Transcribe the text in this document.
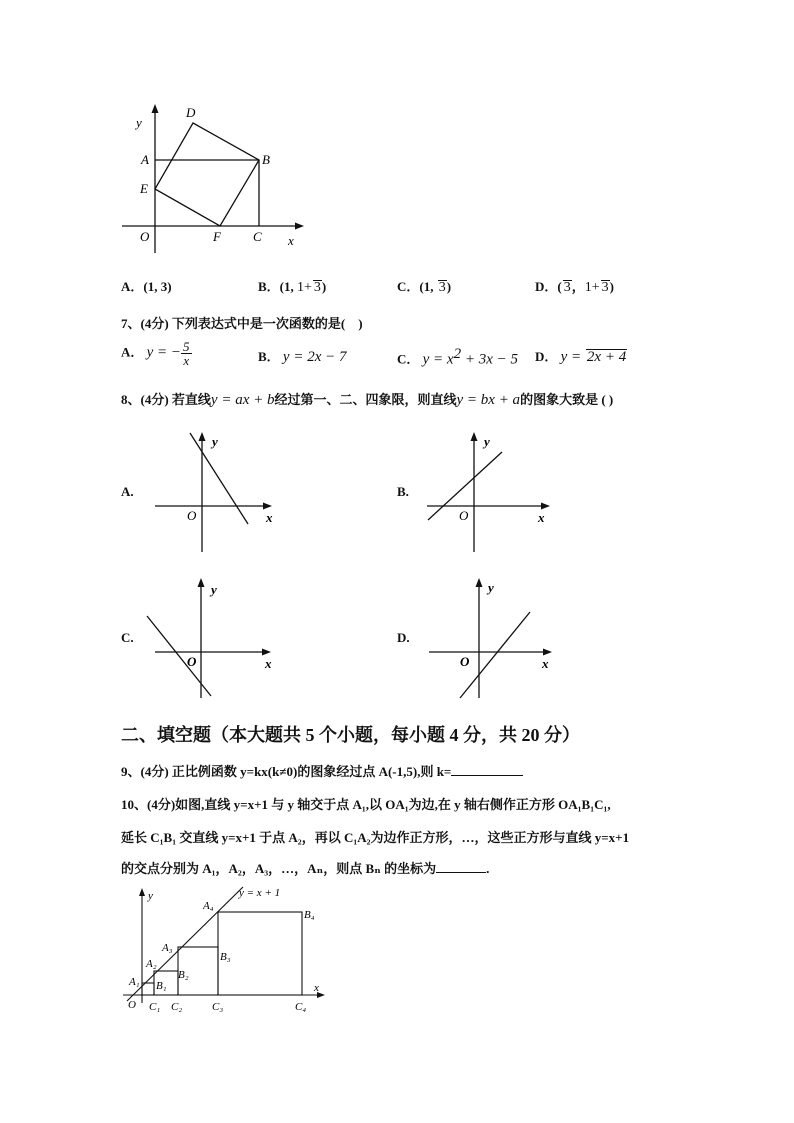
D
A	B
E
O	F C x
y
A．(1, 3)	B．(1, 1+ 3)	C．(1, 3)	D．( 3，1+ 3)
7、(4分) 下列表达式中是一次函数的是(　)
A． y = − $\frac{5}{x}$	B． y = 2x − 7	C． $y = x^2 + 3x - 5$ D． y = 2x + 4
8、(4分) 若直线y = ax + b经过第一、二、四象限，则直线y = bx + a的图象大致是 ( )
A.	B.
C.	D.
y
x
O
y
x
O
y
x
O
y
x
O
二、填空题（本大题共 5 个小题，每小题 4 分，共 20 分）
9、(4分) 正比例函数 y=kx(k≠0)的图象经过点 A(-1,5),则 k=
10、(4分)如图,直线 y=x+1 与 y 轴交于点 A₁,以 OA₁为边,在 y 轴右侧作正方形 OA₁B₁C₁,
延长 C₁B₁ 交直线 y=x+1 于点 A₂，再以 C₁A₂为边作正方形，…，这些正方形与直线 y=x+1
的交点分别为 A₁，A₂，A₃，…，Aₙ，则点 Bₙ 的坐标为	.
y = x + 1
y
x
O
A₁
A₂
A₃
A₄
B₁
B₂
B₃
B₄
C₁ C₂	C₃	C₄
